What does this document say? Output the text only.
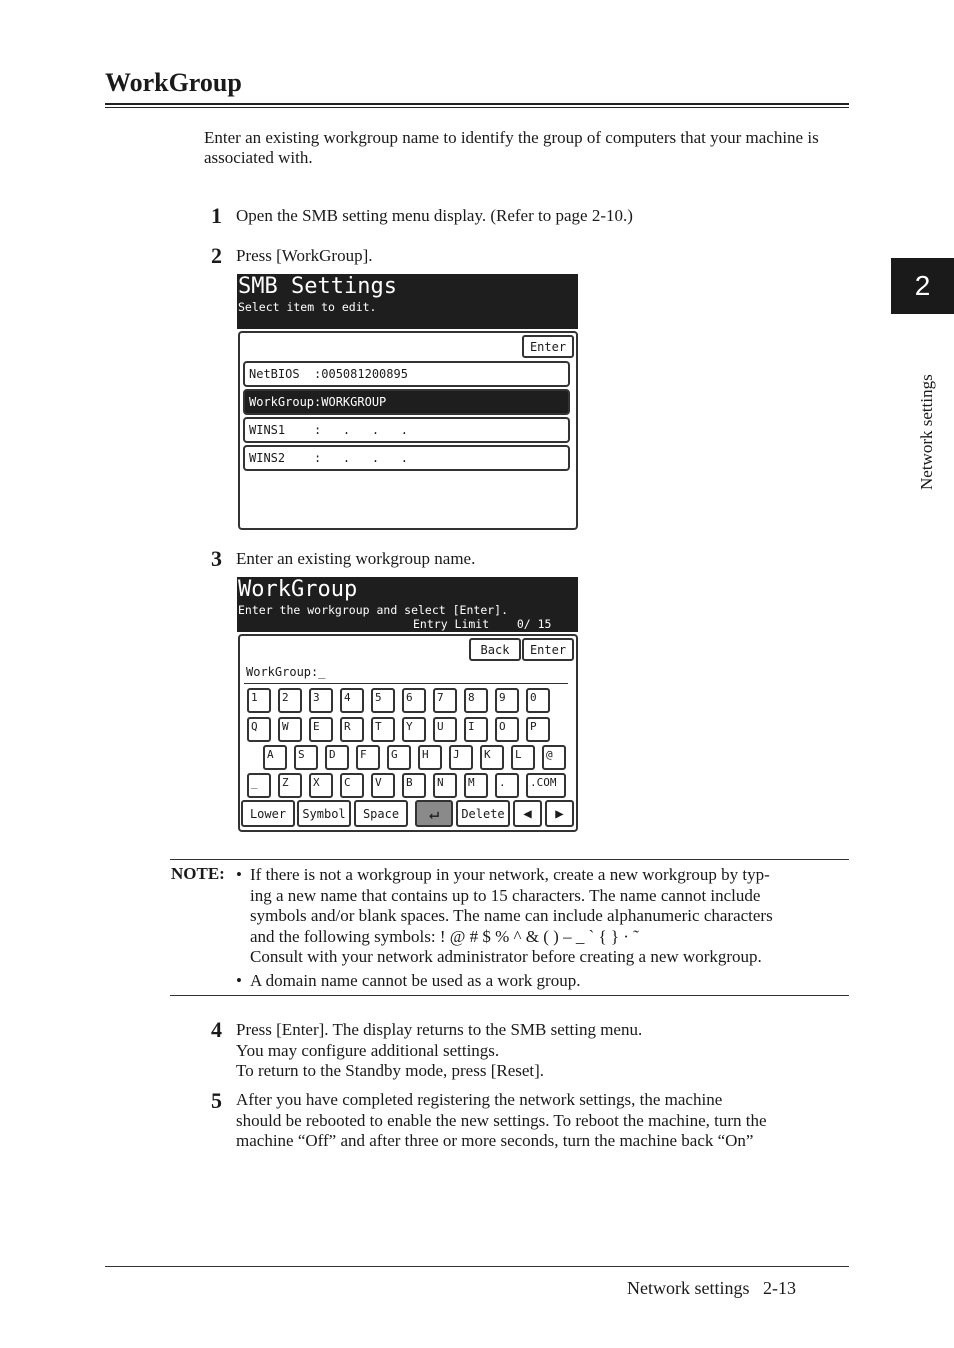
WorkGroup
Enter an existing workgroup name to identify the group of computers that your machine is associated with.
2
Network settings
1 Open the SMB setting menu display. (Refer to page 2-10.)
2 Press [WorkGroup].
SMB Settings
Select item to edit.
Enter
NetBIOS  :005081200895
WorkGroup:WORKGROUP
WINS1    :   .   .   .
WINS2    :   .   .   .
3 Enter an existing workgroup name.
WorkGroup
Enter the workgroup and select [Enter].
Entry Limit    0/ 15
Back	Enter
WorkGroup:_
1	2	3	4	5	6	7	8	9	0
Q	W	E	R	T	Y	U	I	O	P
A	S	D	F	G	H	J	K	L	@
_	Z	X	C	V	B	N	M	.	.COM
Lower	Symbol	Space	↵	Delete	◀	▶
NOTE: • If there is not a workgroup in your network, create a new workgroup by typ-
ing a new name that contains up to 15 characters. The name cannot include
symbols and/or blank spaces. The name can include alphanumeric characters
and the following symbols: ! @ # $ % ^ & ( ) – _ ` { } · ˜
Consult with your network administrator before creating a new workgroup.
• A domain name cannot be used as a work group.
4 Press [Enter]. The display returns to the SMB setting menu.
You may configure additional settings.
To return to the Standby mode, press [Reset].
5 After you have completed registering the network settings, the machine
should be rebooted to enable the new settings. To reboot the machine, turn the
machine “Off” and after three or more seconds, turn the machine back “On”
Network settings 2-13
